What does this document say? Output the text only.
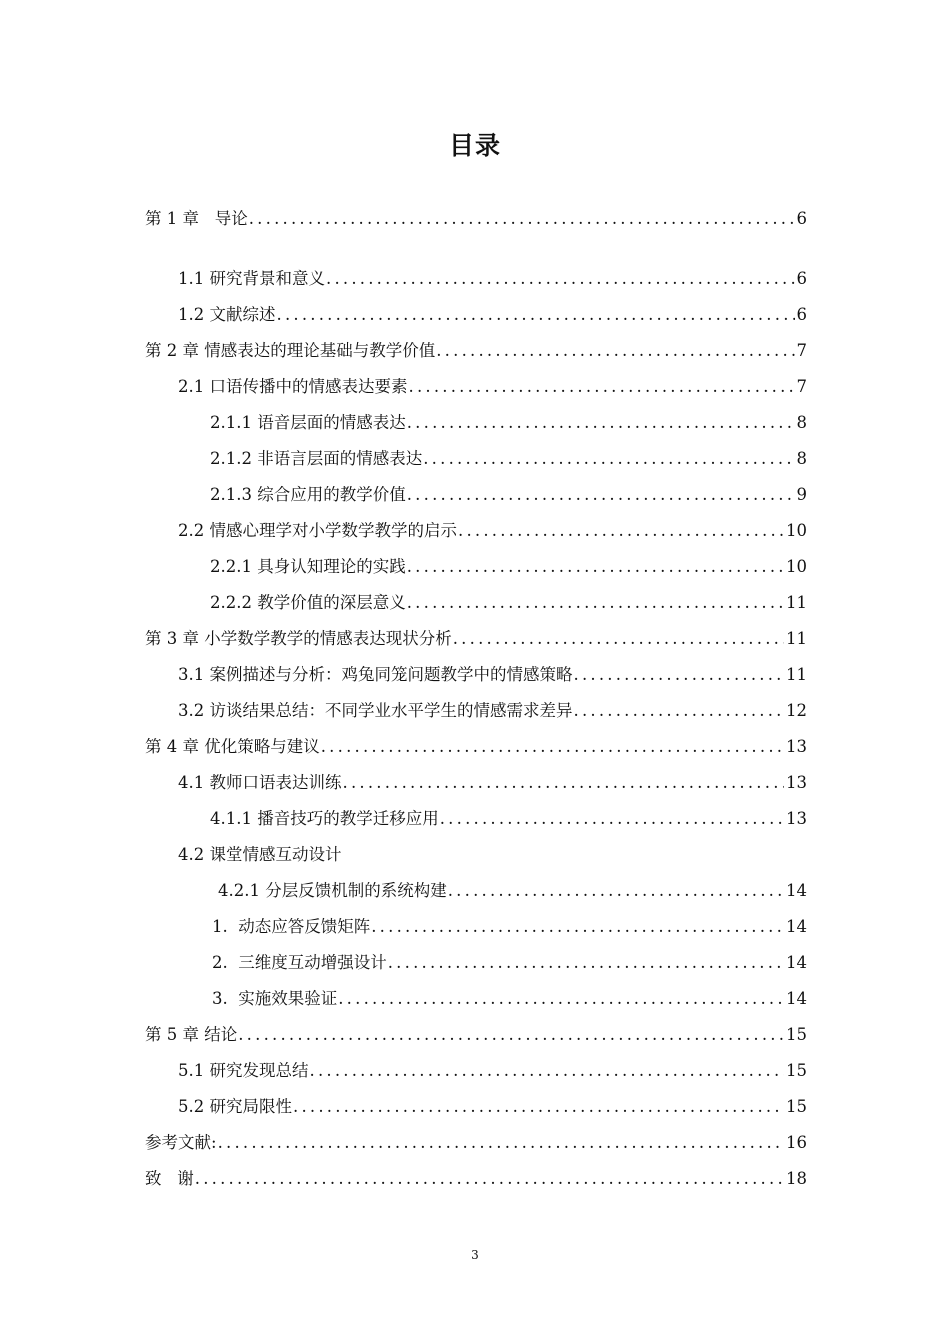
目录
第 1 章   导论 .....	6
1.1 研究背景和意义 .....	6
1.2 文献综述 .....	6
第 2 章 情感表达的理论基础与教学价值 .....	7
2.1 口语传播中的情感表达要素 .....	7
2.1.1 语音层面的情感表达 .....	8
2.1.2 非语言层面的情感表达 .....	8
2.1.3 综合应用的教学价值 .....	9
2.2 情感心理学对小学数学教学的启示 .....	10
2.2.1 具身认知理论的实践 .....	10
2.2.2 教学价值的深层意义 .....	11
第 3 章 小学数学教学的情感表达现状分析 .....	11
3.1 案例描述与分析：鸡兔同笼问题教学中的情感策略 .....	11
3.2 访谈结果总结：不同学业水平学生的情感需求差异 .....	12
第 4 章 优化策略与建议 .....	13
4.1 教师口语表达训练 .....	13
4.1.1 播音技巧的教学迁移应用 .....	13
4.2 课堂情感互动设计
4.2.1 分层反馈机制的系统构建 .....	14
1.  动态应答反馈矩阵 .....	14
2.  三维度互动增强设计 .....	14
3.  实施效果验证 .....	14
第 5 章 结论 .....	15
5.1 研究发现总结 .....	15
5.2 研究局限性 .....	15
参考文献: .....	16
致   谢 .....	18

3
